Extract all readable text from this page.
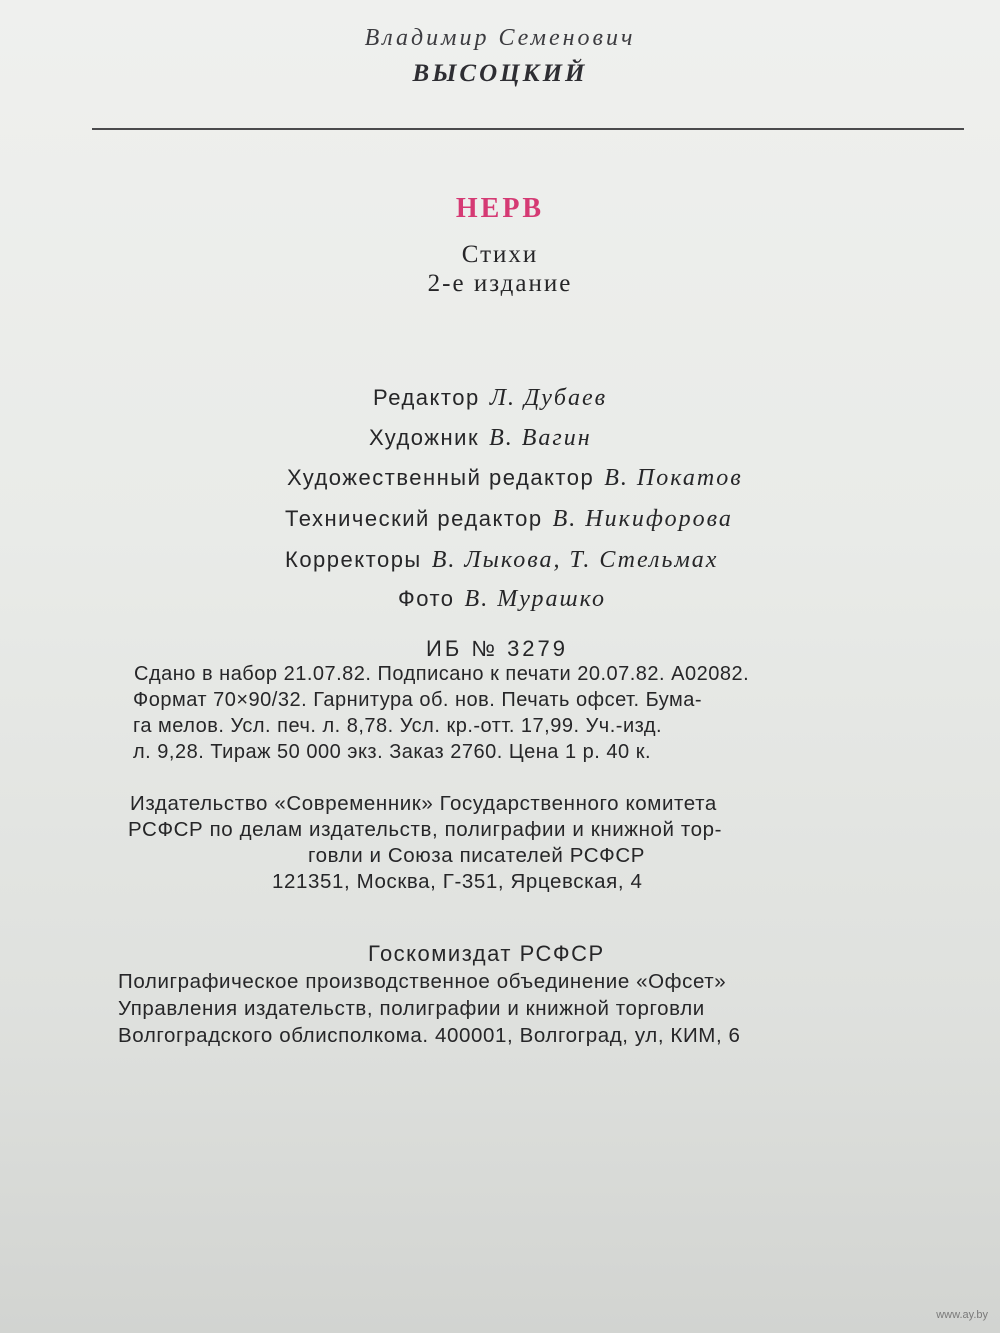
Владимир Семенович
ВЫСОЦКИЙ
НЕРВ
Стихи
2-е издание
Редактор Л. Дубаев
Художник В. Вагин
Художественный редактор В. Покатов
Технический редактор В. Никифорова
Корректоры В. Лыкова, Т. Стельмах
Фото В. Мурашко
ИБ № 3279
Сдано в набор 21.07.82. Подписано к печати 20.07.82. А02082.
Формат 70×90/32. Гарнитура об. нов. Печать офсет. Бума-
га мелов. Усл. печ. л. 8,78. Усл. кр.-отт. 17,99. Уч.-изд.
л. 9,28. Тираж 50 000 экз. Заказ 2760. Цена 1 р. 40 к.
Издательство «Современник» Государственного комитета
РСФСР по делам издательств, полиграфии и книжной тор-
говли и Союза писателей РСФСР
121351, Москва, Г-351, Ярцевская, 4
Госкомиздат РСФСР
Полиграфическое производственное объединение «Офсет»
Управления издательств, полиграфии и книжной торговли
Волгоградского облисполкома. 400001, Волгоград, ул, КИМ, 6
www.ay.by
